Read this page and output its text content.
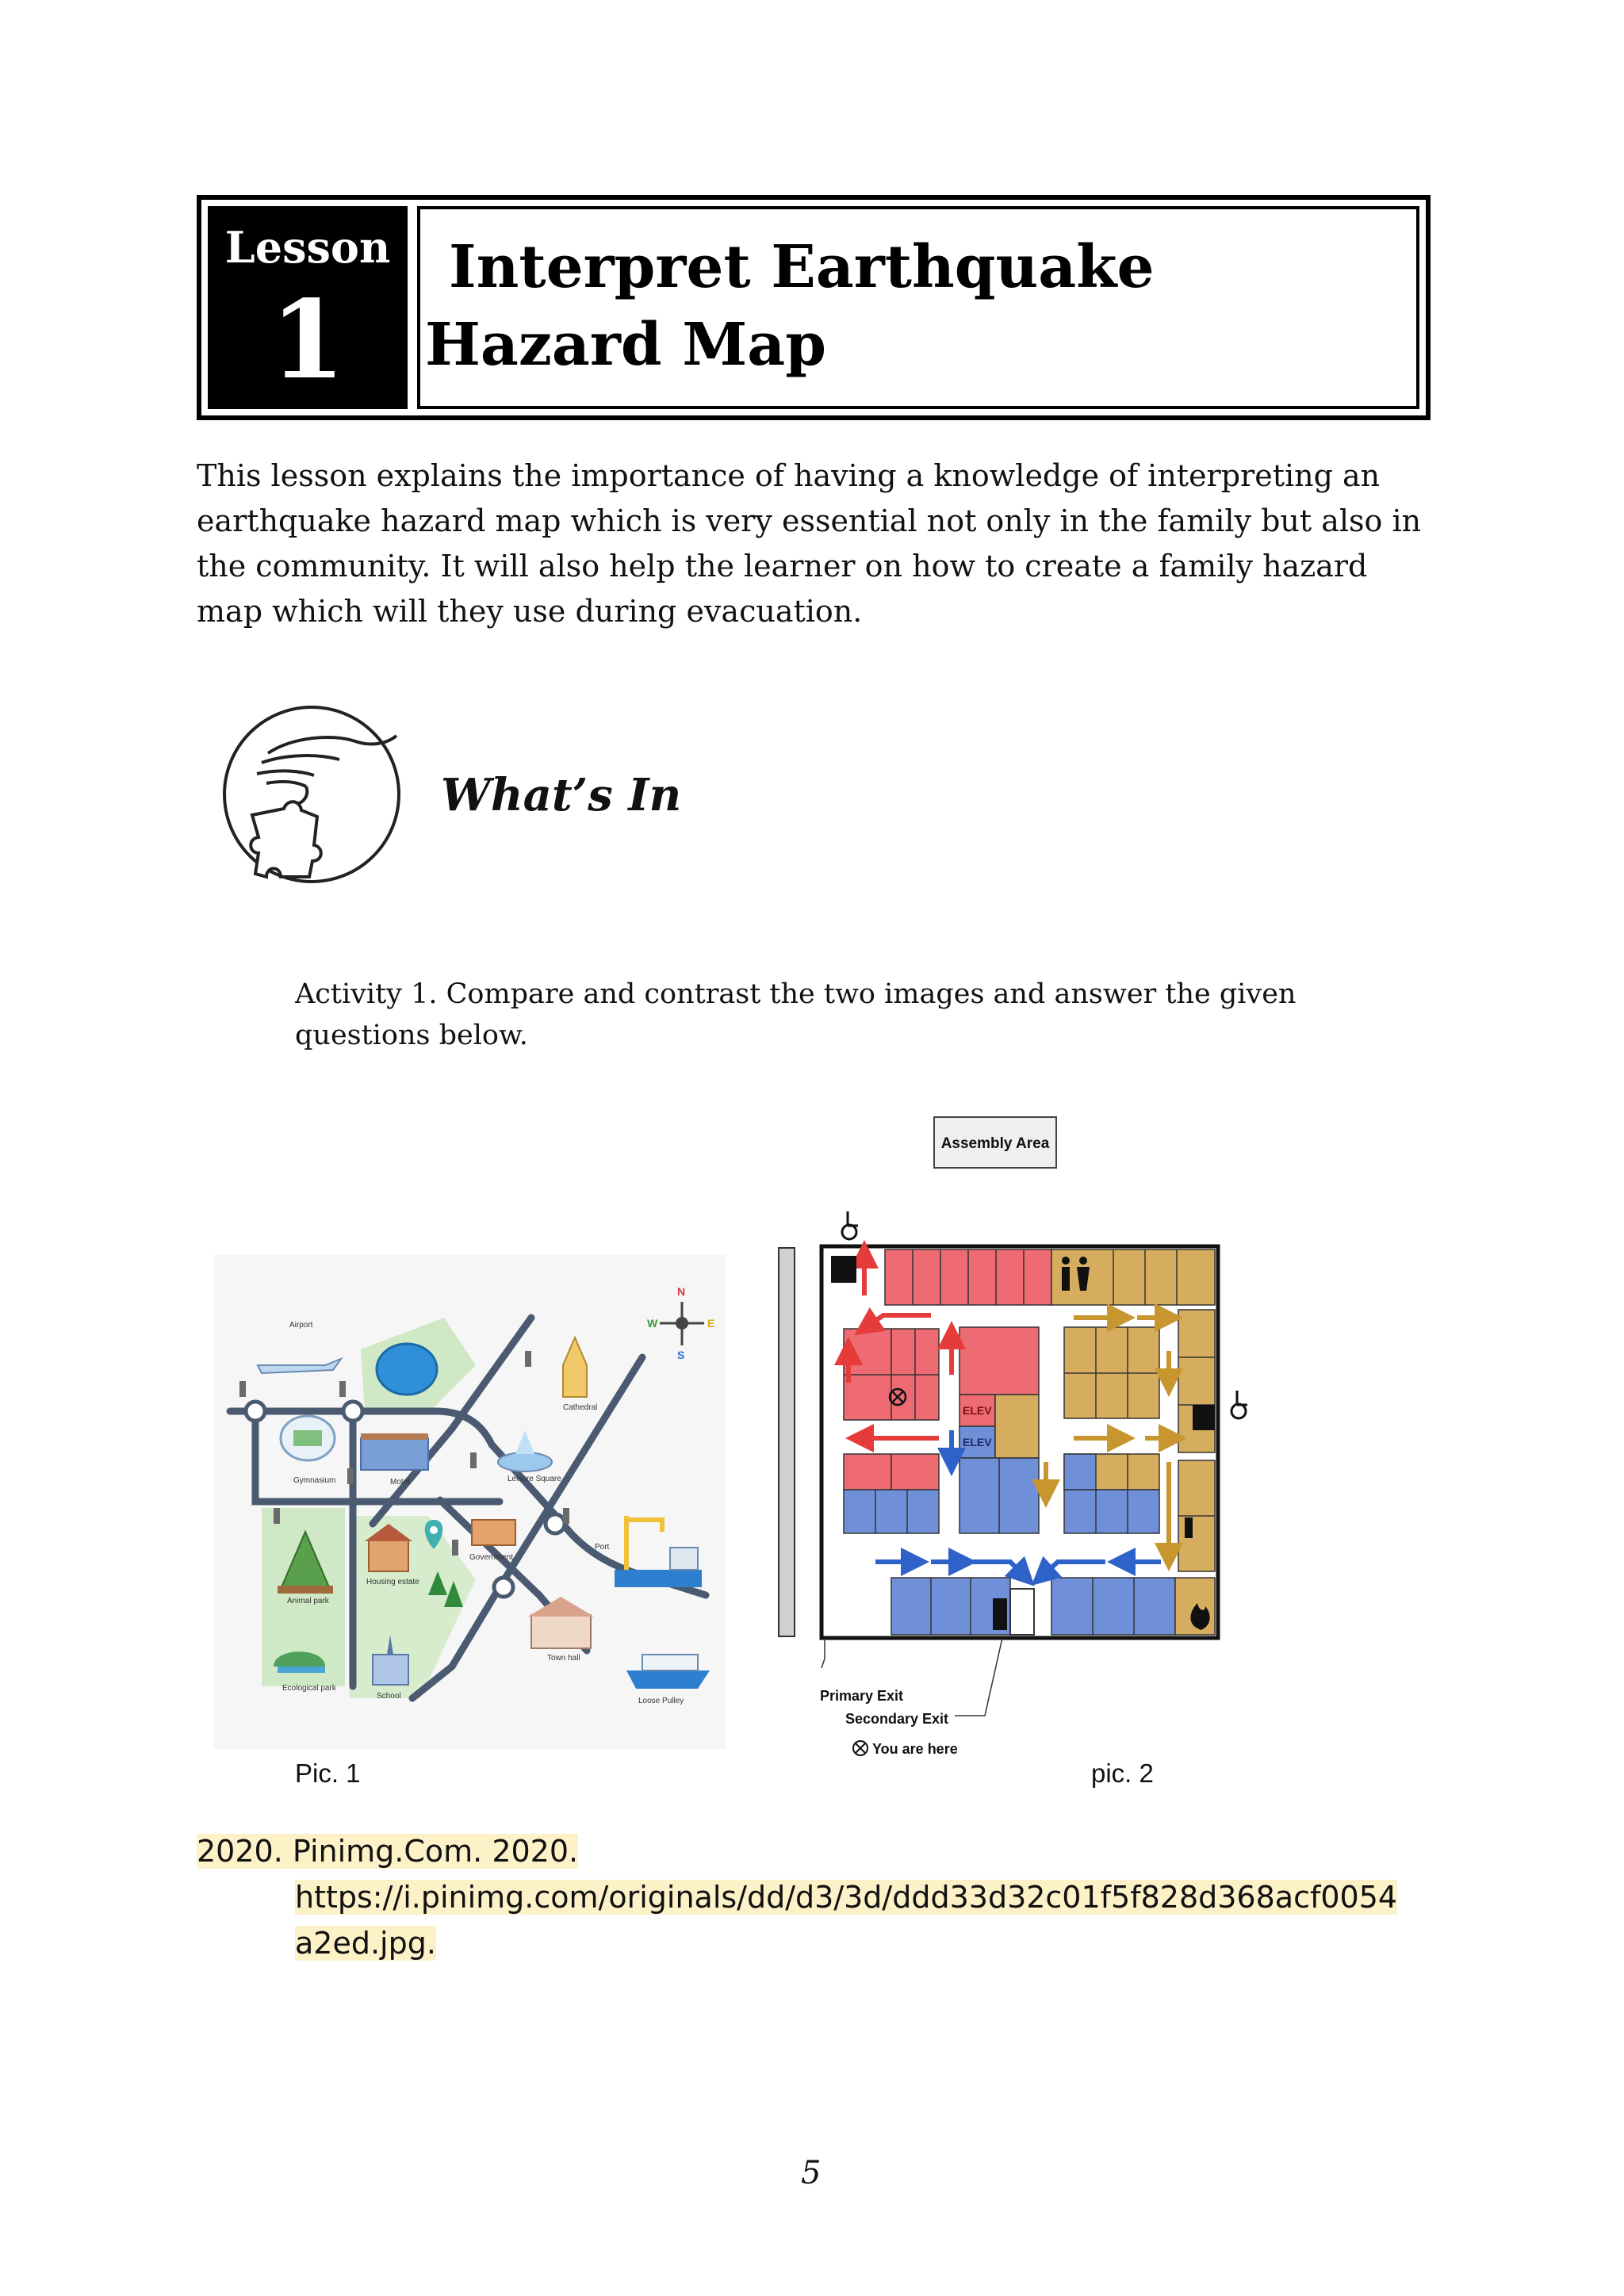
Lesson
1
Interpret Earthquake
Hazard Map
This lesson explains the importance of having a knowledge of interpreting an earthquake hazard map which is very essential not only in the family but also in the community. It will also help the learner on how to create a family hazard map which will they use during evacuation.
What’s In
Activity 1. Compare and contrast the two images and answer the given questions below.
N
S
E
W
Airport
Gymnasium	Motel
Cathedral
Leisure Square
Port
Government
Animal park
Housing estate
Town hall
School
Ecological park
Loose Pulley
Pic. 1
Assembly Area
ELEV
ELEV
Primary Exit
Secondary Exit
You are here
pic. 2
2020. Pinimg.Com. 2020.
https://i.pinimg.com/originals/dd/d3/3d/ddd33d32c01f5f828d368acf0054
a2ed.jpg.
5
